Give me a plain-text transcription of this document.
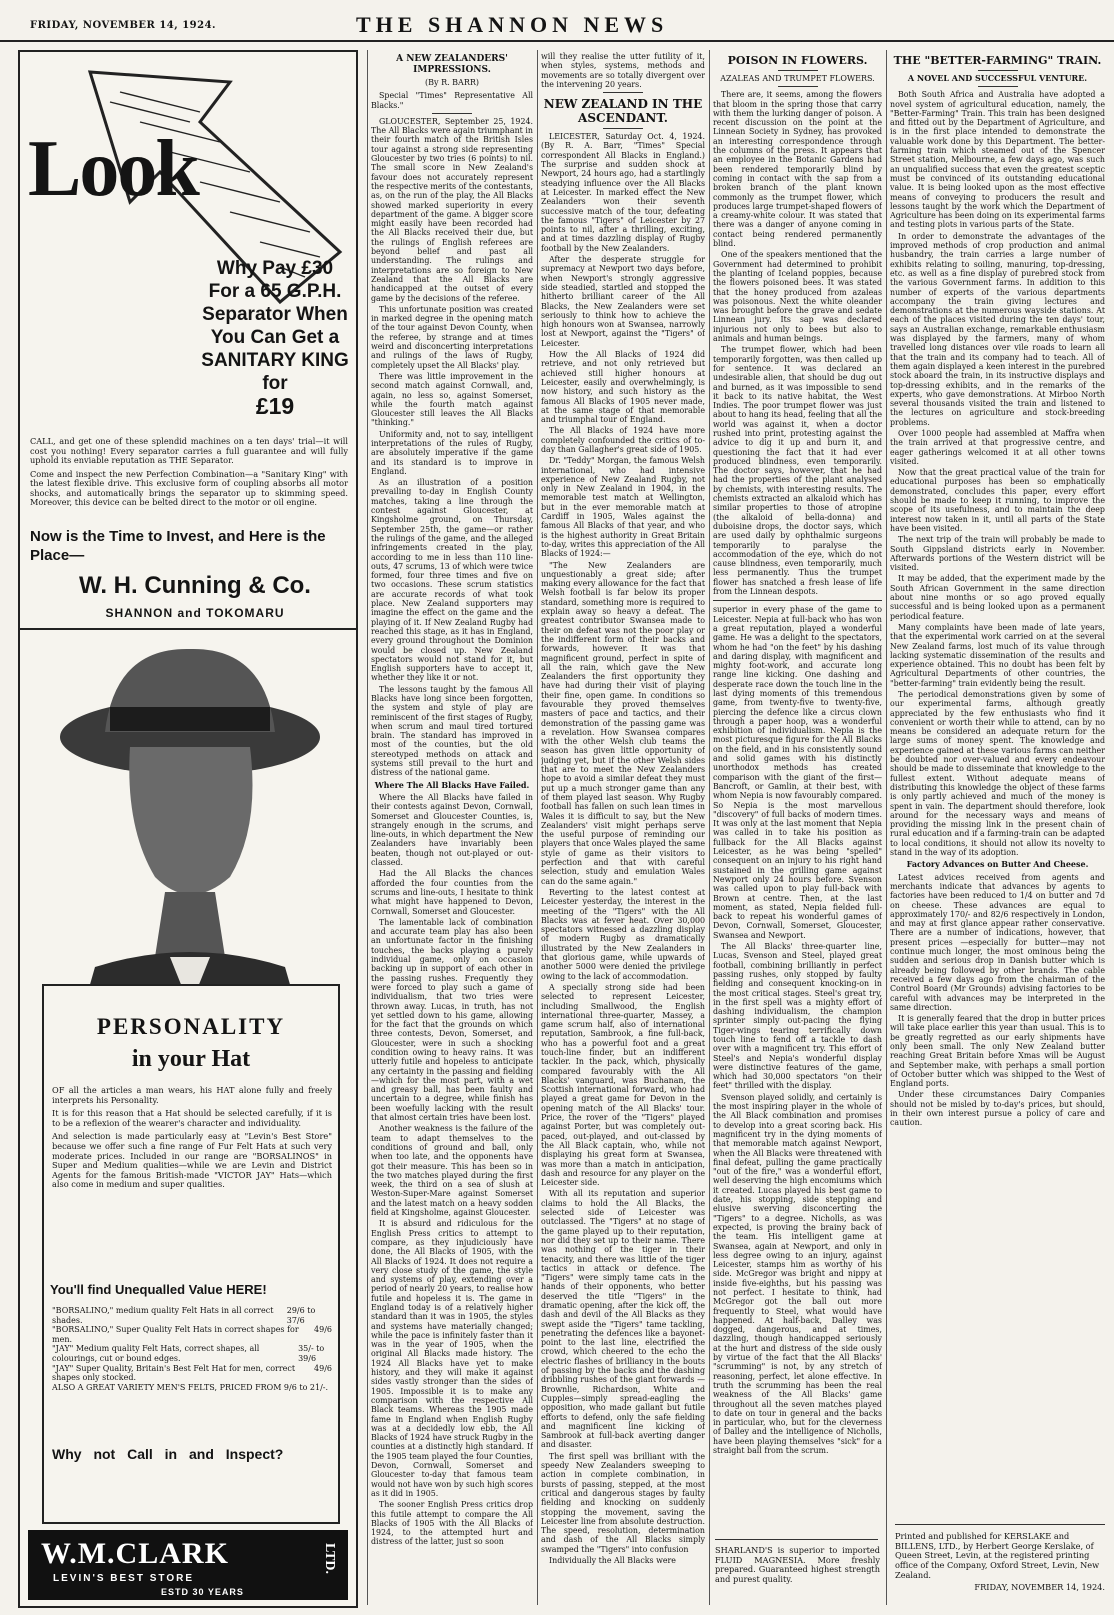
FRIDAY, NOVEMBER 14, 1924.	THE SHANNON NEWS
Look
Why Pay £30
For a 65 G.P.H.
Separator When
You Can Get a
SANITARY KING
for
£19

CALL, and get one of these splendid machines on a ten days' trial—it will cost you nothing! Every separator carries a full guarantee and will fully uphold its enviable reputation as THE Separator.

Come and inspect the new Perfection Combination—a "Sanitary King" with the latest flexible drive. This exclusive form of coupling absorbs all motor shocks, and automatically brings the separator up to skimming speed. Moreover, this device can be belted direct to the motor or oil engine.

Now is the Time to Invest, and Here is the Place—
W. H. Cunning & Co.
SHANNON and TOKOMARU
PERSONALITY
in your Hat

OF all the articles a man wears, his HAT alone fully and freely interprets his Personality.

It is for this reason that a Hat should be selected carefully, if it is to be a reflexion of the wearer's character and individuality.

And selection is made particularly easy at "Levin's Best Store" because we offer such a fine range of Fur Felt Hats at such very moderate prices. Included in our range are "BORSALINOS" in Super and Medium qualities—while we are Levin and District Agents for the famous British-made "VICTOR JAY" Hats—which also come in medium and super qualities.

You'll find Unequalled Value HERE!
"BORSALINO," medium quality Felt Hats in all correct shades.
29/6 to 37/6
"BORSALINO," Super Quality Felt Hats in correct shapes for men.
49/6
"JAY" Medium quality Felt Hats, correct shapes, all colourings, cut or bound edges.
35/- to 39/6
"JAY" Super Quality, Britain's Best Felt Hat for men, correct shapes only stocked.
49/6
ALSO A GREAT VARIETY MEN'S FELTS, PRICED FROM 9/6 to 21/-.
Why not Call in and Inspect?
W.M.CLARK
LEVIN'S BEST STORE
ESTD 30 YEARS
LTD.
A NEW ZEALANDERS' IMPRESSIONS.
(By R. BARR)

Special "Times" Representative All Blacks."

GLOUCESTER, September 25, 1924. The All Blacks were again triumphant in their fourth match of the British Isles tour against a strong side representing Gloucester by two tries (6 points) to nil. The small score in New Zealand's favour does not accurately represent the respective merits of the contestants, as, on the run of the play, the All Blacks showed marked superiority in every department of the game. A bigger score might easily have been recorded had the All Blacks received their due, but the rulings of English referees are beyond belief and past all understanding. The rulings and interpretations are so foreign to New Zealand that the All Blacks are handicapped at the outset of every game by the decisions of the referee.

This unfortunate position was created in marked degree in the opening match of the tour against Devon County, when the referee, by strange and at times weird and disconcerting interpretations and rulings of the laws of Rugby, completely upset the All Blacks' play.

There was little improvement in the second match against Cornwall, and, again, no less so, against Somerset, while the fourth match against Gloucester still leaves the All Blacks "thinking."

Uniformity and, not to say, intelligent interpretations of the rules of Rugby, are absolutely imperative if the game and its standard is to improve in England.

As an illustration of a position prevailing to-day in English County matches, taking a line through the contest against Gloucester, at Kingsholme ground, on Thursday, September 25th, the game—or rather the rulings of the game, and the alleged infringements created in the play, according to me in less than 110 line-outs, 47 scrums, 13 of which were twice formed, four three times and five on two occasions. These scrum statistics are accurate records of what took place. New Zealand supporters may imagine the effect on the game and the playing of it. If New Zealand Rugby had reached this stage, as it has in England, every ground throughout the Dominion would be closed up. New Zealand spectators would not stand for it, but English supporters have to accept it, whether they like it or not.

The lessons taught by the famous All Blacks have long since been forgotten, the system and style of play are reminiscent of the first stages of Rugby, when scrum and maul tired tortured brain. The standard has improved in most of the counties, but the old stereotyped methods on attack and systems still prevail to the hurt and distress of the national game.

Where The All Blacks Have Failed.

Where the All Blacks have failed in their contests against Devon, Cornwall, Somerset and Gloucester Counties, is, strangely enough in the scrums, and line-outs, in which department the New Zealanders have invariably been beaten, though not out-played or out-classed.

Had the All Blacks the chances afforded the four counties from the scrums and line-outs, I hesitate to think what might have happened to Devon, Cornwall, Somerset and Gloucester.

The lamentable lack of combination and accurate team play has also been an unfortunate factor in the finishing touches, the backs playing a purely individual game, only on occasion backing up in support of each other in the passing rushes. Frequently they were forced to play such a game of individualism, that two tries were thrown away. Lucas, in truth, has not yet settled down to his game, allowing for the fact that the grounds on which three contests, Devon, Somerset, and Gloucester, were in such a shocking condition owing to heavy rains. It was utterly futile and hopeless to anticipate any certainty in the passing and fielding—which for the most part, with a wet and greasy ball, has been faulty and uncertain to a degree, while finish has been woefully lacking with the result that almost certain tries have been lost.

Another weakness is the failure of the team to adapt themselves to the conditions of ground and ball, only when too late, and the opponents have got their measure. This has been so in the two matches played during the first week, the third on a sea of slush at Weston-Super-Mare against Somerset and the latest match on a heavy sodden field at Kingsholme, against Gloucester.

It is absurd and ridiculous for the English Press critics to attempt to compare, as they injudiciously have done, the All Blacks of 1905, with the All Blacks of 1924. It does not require a very close study of the game, the style and systems of play, extending over a period of nearly 20 years, to realise how futile and hopeless it is. The game in England today is of a relatively higher standard than it was in 1905, the styles and systems have materially changed; while the pace is infinitely faster than it was in the year of 1905, when the original All Blacks made history. The 1924 All Blacks have yet to make history, and they will make it against sides vastly stronger than the sides of 1905. Impossible it is to make any comparison with the respective All Black teams. Whereas the 1905 made fame in England when English Rugby was at a decidedly low ebb, the All Blacks of 1924 have struck Rugby in the counties at a distinctly high standard. If the 1905 team played the four Counties, Devon, Cornwall, Somerset and Gloucester to-day that famous team would not have won by such high scores as it did in 1905.

The sooner English Press critics drop this futile attempt to compare the All Blacks of 1905 with the All Blacks of 1924, to the attempted hurt and distress of the latter, just so soon

will they realise the utter futility of it, when styles, systems, methods and movements are so totally divergent over the intervening 20 years.

NEW ZEALAND IN THE ASCENDANT.

LEICESTER, Saturday Oct. 4, 1924. (By R. A. Barr, "Times" Special correspondent All Blacks in England.) The surprise and sudden shock at Newport, 24 hours ago, had a startlingly steadying influence over the All Blacks at Leicester. In marked effect the New Zealanders won their seventh successive match of the tour, defeating the famous "Tigers" of Leicester by 27 points to nil, after a thrilling, exciting, and at times dazzling display of Rugby football by the New Zealanders.

After the desperate struggle for supremacy at Newport two days before, when Newport's strongly aggressive side steadied, startled and stopped the hitherto brilliant career of the All Blacks, the New Zealanders were set seriously to think how to achieve the high honours won at Swansea, narrowly lost at Newport, against the "Tigers" of Leicester.

How the All Blacks of 1924 did retrieve, and not only retrieved but achieved still higher honours at Leicester, easily and overwhelmingly, is now history, and such history as the famous All Blacks of 1905 never made, at the same stage of that memorable and triumphal tour of England.

The All Blacks of 1924 have more completely confounded the critics of to-day than Gallagher's great side of 1905.

Dr. "Teddy" Morgan, the famous Welsh international, who had intensive experience of New Zealand Rugby, not only in New Zealand in 1904, in the memorable test match at Wellington, but in the ever memorable match at Cardiff in 1905, Wales against the famous All Blacks of that year, and who is the highest authority in Great Britain to-day, writes this appreciation of the All Blacks of 1924:—

"The New Zealanders are unquestionably a great side; after making every allowance for the fact that Welsh football is far below its proper standard, something more is required to explain away so heavy a defeat. The greatest contributor Swansea made to their on defeat was not the poor play or the indifferent form of their backs and forwards, however. It was that magnificent ground, perfect in spite of all the rain, which gave the New Zealanders the first opportunity they have had during their visit of playing their fine, open game. In conditions so favourable they proved themselves masters of pace and tactics, and their demonstration of the passing game was a revelation. How Swansea compares with the other Welsh club teams the season has given little opportunity of judging yet, but if the other Welsh sides that are to meet the New Zealanders hope to avoid a similar defeat they must put up a much stronger game than any of them played last season. Why Rugby football has fallen on such lean times in Wales it is difficult to say, but the New Zealanders' visit might perhaps serve the useful purpose of reminding our players that once Wales played the same style of game as their visitors to perfection and that with careful selection, study and emulation Wales can do the same again."

Reverting to the latest contest at Leicester yesterday, the interest in the meeting of the "Tigers" with the All Blacks was at fever heat. Over 30,000 spectators witnessed a dazzling display of modern Rugby as dramatically illustrated by the New Zealanders in that glorious game, while upwards of another 5000 were denied the privilege owing to the lack of accommodation.

A specially strong side had been selected to represent Leicester, including Smallwood, the English international three-quarter, Massey, a game scrum half, also of international reputation, Sambrook, a fine full-back, who has a powerful foot and a great touch-line finder, but an indifferent tackler. In the pack, which, physically compared favourably with the All Blacks' vanguard, was Buchanan, the Scottish international forward, who had played a great game for Devon in the opening match of the All Blacks' tour. Price, the rover of the "Tigers" played against Porter, but was completely out-paced, out-played, and out-classed by the All Black captain, who, while not displaying his great form at Swansea, was more than a match in anticipation, dash and resource for any player on the Leicester side.

With all its reputation and superior claims to hold the All Blacks, the selected side of Leicester was outclassed. The "Tigers" at no stage of the game played up to their reputation, nor did they set up to their name. There was nothing of the tiger in their tenacity, and there was little of the tiger tactics in attack or defence. The "Tigers" were simply tame cats in the hands of their opponents, who better deserved the title "Tigers" in the dramatic opening, after the kick off, the dash and devil of the All Blacks as they swept aside the "Tigers" tame tackling, penetrating the defences like a bayonet-point to the last line, electrified the crowd, which cheered to the echo the electric flashes of brilliancy in the bouts of passing by the backs and the dashing dribbling rushes of the giant forwards —Brownlie, Richardson, White and Cupples—simply spread-eagling the opposition, who made gallant but futile efforts to defend, only the safe fielding and magnificent line kicking of Sambrook at full-back averting danger and disaster.

The first spell was brilliant with the speedy New Zealanders sweeping to action in complete combination, in bursts of passing, stepped, at the most critical and dangerous stages by faulty fielding and knocking on suddenly stopping the movement, saving the Leicester line from absolute destruction. The speed, resolution, determination and dash of the All Blacks simply swamped the "Tigers" into confusion

Individually the All Blacks were

POISON IN FLOWERS.
AZALEAS AND TRUMPET FLOWERS.

There are, it seems, among the flowers that bloom in the spring those that carry with them the lurking danger of poison. A recent discussion on the point at the Linnean Society in Sydney, has provoked an interesting correspondence through the columns of the press. It appears that an employee in the Botanic Gardens had been rendered temporarily blind by coming in contact with the sap from a broken branch of the plant known commonly as the trumpet flower, which produces large trumpet-shaped flowers of a creamy-white colour. It was stated that there was a danger of anyone coming in contact being rendered permanently blind.

One of the speakers mentioned that the Government had determined to prohibit the planting of Iceland poppies, because the flowers poisoned bees. It was stated that the honey produced from azaleas was poisonous. Next the white oleander was brought before the grave and sedate Linnean jury. Its sap was declared injurious not only to bees but also to animals and human beings.

The trumpet flower, which had been temporarily forgotten, was then called up for sentence. It was declared an undesirable alien, that should be dug out and burned, as it was impossible to send it back to its native habitat, the West Indies. The poor trumpet flower was just about to hang its head, feeling that all the world was against it, when a doctor rushed into print, protesting against the advice to dig it up and burn it, and questioning the fact that it had ever produced blindness, even temporarily. The doctor says, however, that he had had the properties of the plant analysed by chemists, with interesting results. The chemists extracted an alkaloid which has similar properties to those of atropine (the alkaloid of bella-donna) and duboisine drops, the doctor says, which are used daily by ophthalmic surgeons temporarily to paralyse the accommodation of the eye, which do not cause blindness, even temporarily, much less permanently. Thus the trumpet flower has snatched a fresh lease of life from the Linnean despots.

superior in every phase of the game to Leicester. Nepia at full-back who has won a great reputation, played a wonderful game. He was a delight to the spectators, whom he had "on the feet" by his dashing and daring display, with magnificent and mighty foot-work, and accurate long range line kicking. One dashing and desperate race down the touch line in the last dying moments of this tremendous game, from twenty-five to twenty-five, piercing the defence like a circus clown through a paper hoop, was a wonderful exhibition of individualism. Nepia is the most picturesque figure for the All Blacks on the field, and in his consistently sound and solid games with his distinctly unorthodox methods has created comparison with the giant of the first—Bancroft, or Gamlin, at their best, with whom Nepia is now favourably compared. So Nepia is the most marvellous "discovery" of full backs of modern times. It was only at the last moment that Nepia was called in to take his position as fullback for the All Blacks against Leicester, as he was being "spelled" consequent on an injury to his right hand sustained in the grilling game against Newport only 24 hours before. Svenson was called upon to play full-back with Brown at centre. Then, at the last moment, as stated, Nepia fielded full-back to repeat his wonderful games of Devon, Cornwall, Somerset, Gloucester, Swansea and Newport.

The All Blacks' three-quarter line, Lucas, Svenson and Steel, played great football, combining brilliantly in perfect passing rushes, only stopped by faulty fielding and consequent knocking-on in the most critical stages. Steel's great try, in the first spell was a mighty effort of dashing individualism, the champion sprinter simply out-pacing the flying Tiger-wings tearing terrifically down touch line to fend off a tackle to dash over with a magnificent try. This effort of Steel's and Nepia's wonderful display were distinctive features of the game, which had 30,000 spectators "on their feet" thrilled with the display.

Svenson played solidly, and certainly is the most inspiring player in the whole of the All Black combination and promises to develop into a great scoring back. His magnificent try in the dying moments of that memorable match against Newport, when the All Blacks were threatened with final defeat, pulling the game practically "out of the fire," was a wonderful effort, well deserving the high encomiums which it created. Lucas played his best game to date, his stopping, side stepping and elusive swerving disconcerting the "Tigers" to a degree. Nicholls, as was expected, is proving the brainy back of the team. His intelligent game at Swansea, again at Newport, and only in less degree owing to an injury, against Leicester, stamps him as worthy of his side. McGregor was bright and nippy at inside five-eighths, but his passing was not perfect. I hesitate to think, had McGregor got the ball out more frequently to Steel, what would have happened. At half-back, Dalley was dogged, dangerous, and at times, dazzling, though handicapped seriously at the hurt and distress of the side ously by virtue of the fact that the All Blacks' "scrumming" is not, by any stretch of reasoning, perfect, let alone effective. In truth the scrumming has been the real weakness of the All Blacks' game throughout all the seven matches played to date on tour in general and the backs in particular, who, but for the cleverness of Dalley and the intelligence of Nicholls, have been playing themselves "sick" for a straight ball from the scrum.

SHARLAND'S is superior to imported FLUID MAGNESIA. More freshly prepared. Guaranteed highest strength and purest quality.
THE "BETTER-FARMING" TRAIN.
A NOVEL AND SUCCESSFUL VENTURE.

Both South Africa and Australia have adopted a novel system of agricultural education, namely, the "Better-Farming" Train. This train has been designed and fitted out by the Department of Agriculture, and is in the first place intended to demonstrate the valuable work done by this Department. The better-farming train which steamed out of the Spencer Street station, Melbourne, a few days ago, was such an unqualified success that even the greatest sceptic must be convinced of its outstanding educational value. It is being looked upon as the most effective means of conveying to producers the result and lessons taught by the work which the Department of Agriculture has been doing on its experimental farms and testing plots in various parts of the State.

In order to demonstrate the advantages of the improved methods of crop production and animal husbandry, the train carries a large number of exhibits relating to soiling, manuring, top-dressing, etc. as well as a fine display of purebred stock from the various Government farms. In addition to this number of experts of the various departments accompany the train giving lectures and demonstrations at the numerous wayside stations. At each of the places visited during the ten days' tour, says an Australian exchange, remarkable enthusiasm was displayed by the farmers, many of whom travelled long distances over vile roads to learn all that the train and its company had to teach. All of them again displayed a keen interest in the purebred stock aboard the train, in its instructive displays and top-dressing exhibits, and in the remarks of the experts, who gave demonstrations. At Mirboo North several thousands visited the train and listened to the lectures on agriculture and stock-breeding problems.

Over 1000 people had assembled at Maffra when the train arrived at that progressive centre, and eager gatherings welcomed it at all other towns visited.

Now that the great practical value of the train for educational purposes has been so emphatically demonstrated, concludes this paper, every effort should be made to keep it running, to improve the scope of its usefulness, and to maintain the deep interest now taken in it, until all parts of the State have been visited.

The next trip of the train will probably be made to South Gippsland districts early in November. Afterwards portions of the Western district will be visited.

It may be added, that the experiment made by the South African Government in the same direction about nine months or so ago proved equally successful and is being looked upon as a permanent periodical feature.

Many complaints have been made of late years, that the experimental work carried on at the several New Zealand farms, lost much of its value through lacking systematic dissemination of the results and experience obtained. This no doubt has been felt by Agricultural Departments of other countries, the "better-farming" train evidently being the result.

The periodical demonstrations given by some of our experimental farms, although greatly appreciated by the few enthusiasts who find it convenient or worth their while to attend, can by no means be considered an adequate return for the large sums of money spent. The knowledge and experience gained at these various farms can neither be doubted nor over-valued and every endeavour should be made to disseminate that knowledge to the fullest extent. Without adequate means of distributing this knowledge the object of these farms is only partly achieved and much of the money is spent in vain. The department should therefore, look around for the necessary ways and means of providing the missing link in the present chain of rural education and if a farming-train can be adapted to local conditions, it should not allow its novelty to stand in the way of its adoption.

Factory Advances on Butter And Cheese.

Latest advices received from agents and merchants indicate that advances by agents to factories have been reduced to 1/4 on butter and 7d on cheese. These advances are equal to approximately 170/- and 82/6 respectively in London, and may at first glance appear rather conservative. There are a number of indications, however, that present prices —especially for butter—may not continue much longer, the most ominous being the sudden and serious drop in Danish butter which is already being followed by other brands. The cable received a few days ago from the chairman of the Control Board (Mr Grounds) advising factories to be careful with advances may be interpreted in the same direction.

It is generally feared that the drop in butter prices will take place earlier this year than usual. This is to be greatly regretted as our early shipments have only been small. The only New Zealand butter reaching Great Britain before Xmas will be August and September make, with perhaps a small portion of October butter which was shipped to the West of England ports.

Under these circumstances Dairy Companies should not be misled by to-day's prices, but should, in their own interest pursue a policy of care and caution.

Printed and published for KERSLAKE and BILLENS, LTD., by Herbert George Kerslake, of Queen Street, Levin, at the registered printing office of the Company, Oxford Street, Levin, New Zealand.
FRIDAY, NOVEMBER 14, 1924.
